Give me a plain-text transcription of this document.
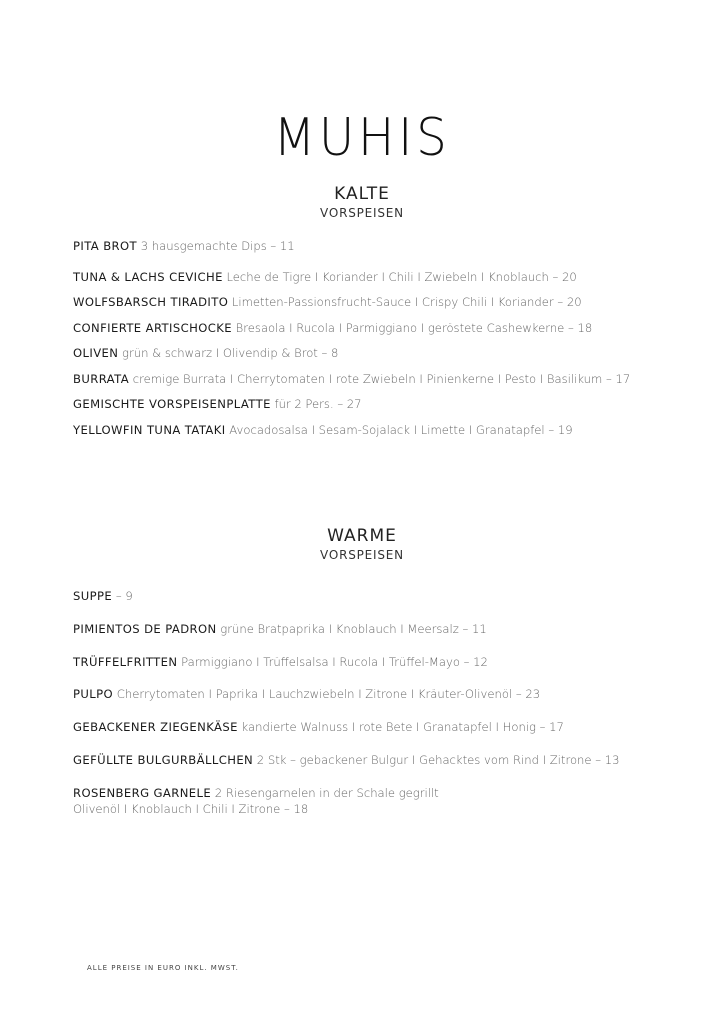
MUHIS
KALTE
VORSPEISEN
PITA BROT 3 hausgemachte Dips – 11
TUNA & LACHS CEVICHE Leche de Tigre I Koriander I Chili I Zwiebeln I Knoblauch – 20
WOLFSBARSCH TIRADITO Limetten-Passionsfrucht-Sauce I Crispy Chili I Koriander – 20
CONFIERTE ARTISCHOCKE Bresaola I Rucola I Parmiggiano I geröstete Cashewkerne – 18
OLIVEN grün & schwarz I Olivendip & Brot – 8
BURRATA cremige Burrata I Cherrytomaten I rote Zwiebeln I Pinienkerne I Pesto I Basilikum – 17
GEMISCHTE VORSPEISENPLATTE für 2 Pers. – 27
YELLOWFIN TUNA TATAKI Avocadosalsa I Sesam-Sojalack I Limette I Granatapfel – 19
WARME
VORSPEISEN
SUPPE – 9
PIMIENTOS DE PADRON grüne Bratpaprika I Knoblauch I Meersalz – 11
TRÜFFELFRITTEN Parmiggiano I Trüffelsalsa I Rucola I Trüffel-Mayo – 12
PULPO Cherrytomaten I Paprika I Lauchzwiebeln I Zitrone I Kräuter-Olivenöl – 23
GEBACKENER ZIEGENKÄSE kandierte Walnuss I rote Bete I Granatapfel I Honig – 17
GEFÜLLTE BULGURBÄLLCHEN 2 Stk – gebackener Bulgur I Gehacktes vom Rind I Zitrone – 13
ROSENBERG GARNELE 2 Riesengarnelen in der Schale gegrillt
Olivenöl I Knoblauch I Chili I Zitrone – 18
ALLE PREISE IN EURO INKL. MWST.
